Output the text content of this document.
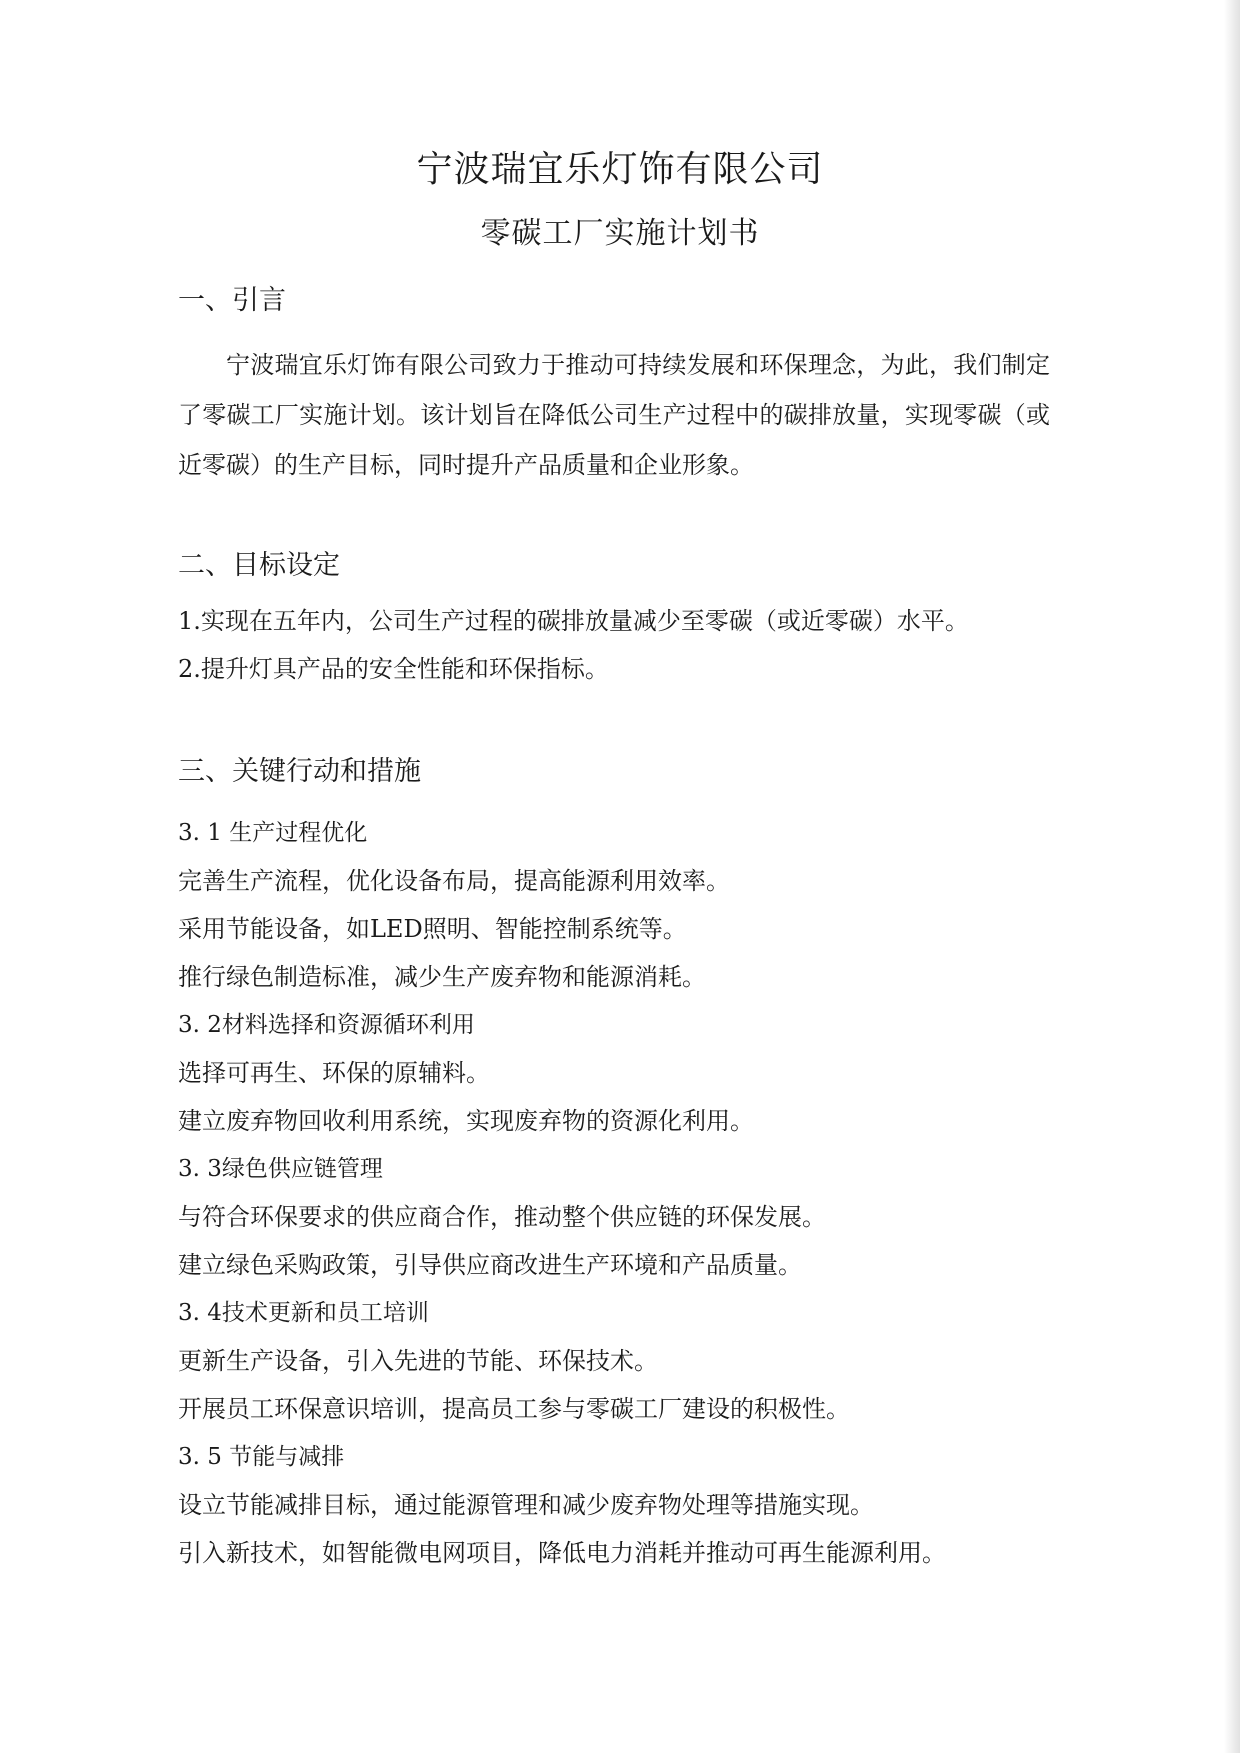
宁波瑞宜乐灯饰有限公司
零碳工厂实施计划书
一、引言
宁波瑞宜乐灯饰有限公司致力于推动可持续发展和环保理念，为此，我们制定了零碳工厂实施计划。该计划旨在降低公司生产过程中的碳排放量，实现零碳（或近零碳）的生产目标，同时提升产品质量和企业形象。
二、目标设定
1.实现在五年内，公司生产过程的碳排放量减少至零碳（或近零碳）水平。
2.提升灯具产品的安全性能和环保指标。
三、关键行动和措施
3. 1 生产过程优化
完善生产流程，优化设备布局，提高能源利用效率。
采用节能设备，如LED照明、智能控制系统等。
推行绿色制造标准，减少生产废弃物和能源消耗。
3. 2材料选择和资源循环利用
选择可再生、环保的原辅料。
建立废弃物回收利用系统，实现废弃物的资源化利用。
3. 3绿色供应链管理
与符合环保要求的供应商合作，推动整个供应链的环保发展。
建立绿色采购政策，引导供应商改进生产环境和产品质量。
3. 4技术更新和员工培训
更新生产设备，引入先进的节能、环保技术。
开展员工环保意识培训，提高员工参与零碳工厂建设的积极性。
3. 5 节能与减排
设立节能减排目标，通过能源管理和减少废弃物处理等措施实现。
引入新技术，如智能微电网项目，降低电力消耗并推动可再生能源利用。
